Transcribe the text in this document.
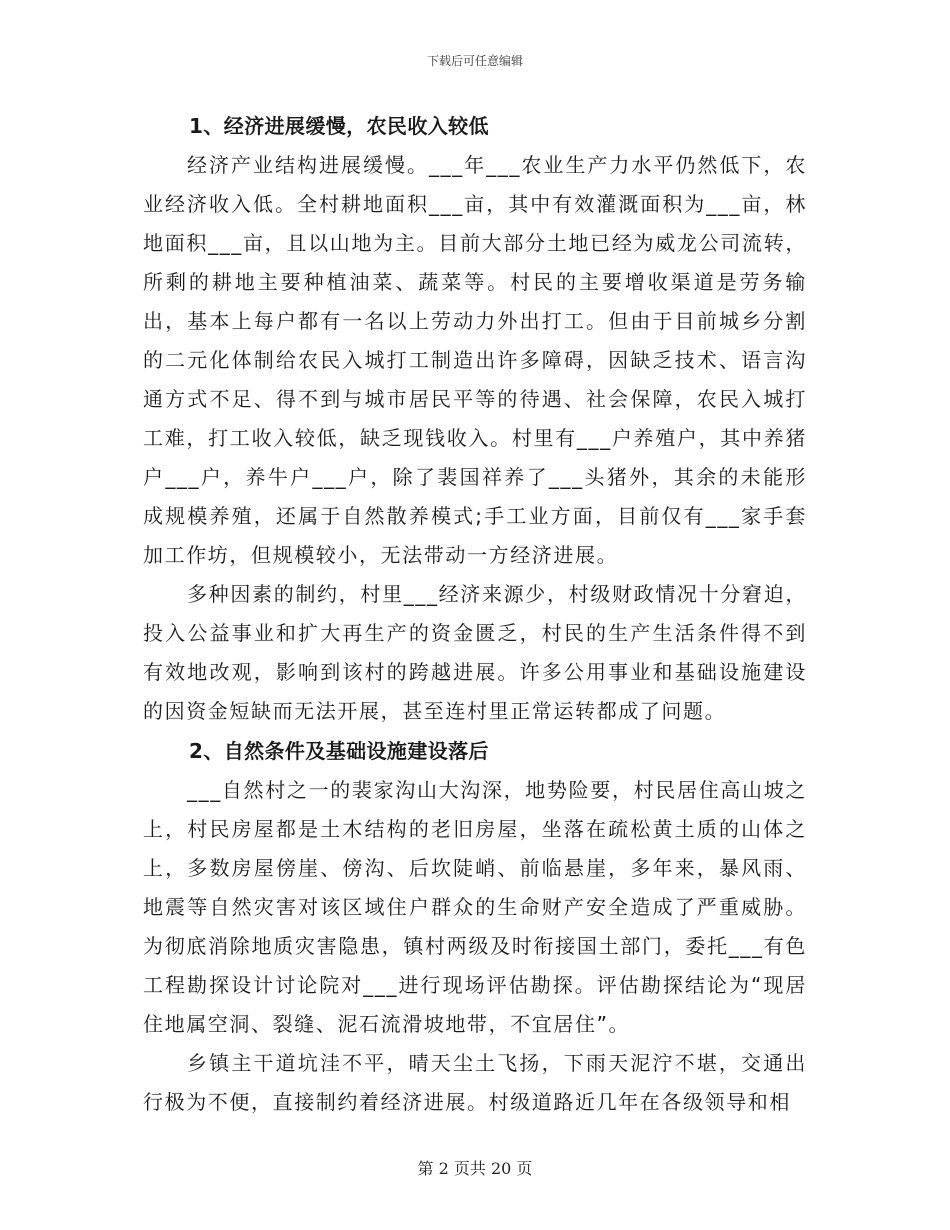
下载后可任意编辑
1、经济进展缓慢，农民收入较低

经济产业结构进展缓慢。___年___农业生产力水平仍然低下，农业经济收入低。全村耕地面积___亩，其中有效灌溉面积为___亩，林地面积___亩，且以山地为主。目前大部分土地已经为威龙公司流转，所剩的耕地主要种植油菜、蔬菜等。村民的主要增收渠道是劳务输出，基本上每户都有一名以上劳动力外出打工。但由于目前城乡分割的二元化体制给农民入城打工制造出许多障碍，因缺乏技术、语言沟通方式不足、得不到与城市居民平等的待遇、社会保障，农民入城打工难，打工收入较低，缺乏现钱收入。村里有___户养殖户，其中养猪户___户，养牛户___户，除了裴国祥养了___头猪外，其余的未能形成规模养殖，还属于自然散养模式;手工业方面，目前仅有___家手套加工作坊，但规模较小，无法带动一方经济进展。

多种因素的制约，村里___经济来源少，村级财政情况十分窘迫，投入公益事业和扩大再生产的资金匮乏，村民的生产生活条件得不到有效地改观，影响到该村的跨越进展。许多公用事业和基础设施建设的因资金短缺而无法开展，甚至连村里正常运转都成了问题。

2、自然条件及基础设施建设落后

___自然村之一的裴家沟山大沟深，地势险要，村民居住高山坡之上，村民房屋都是土木结构的老旧房屋，坐落在疏松黄土质的山体之上，多数房屋傍崖、傍沟、后坎陡峭、前临悬崖，多年来，暴风雨、地震等自然灾害对该区域住户群众的生命财产安全造成了严重威胁。为彻底消除地质灾害隐患，镇村两级及时衔接国土部门，委托___有色工程勘探设计讨论院对___进行现场评估勘探。评估勘探结论为“现居住地属空洞、裂缝、泥石流滑坡地带，不宜居住”。

乡镇主干道坑洼不平，晴天尘土飞扬，下雨天泥泞不堪，交通出行极为不便，直接制约着经济进展。村级道路近几年在各级领导和相

第 2 页共 20 页
